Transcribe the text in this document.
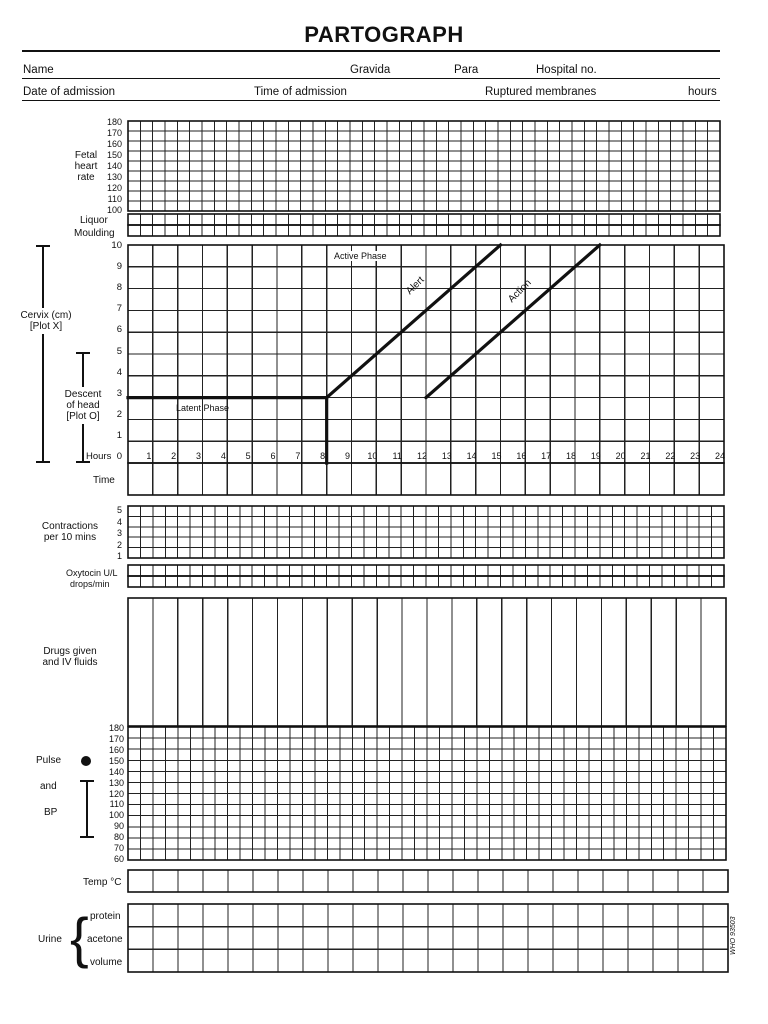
PARTOGRAPH
Name	Gravida	Para	Hospital no.
Date of admission	Time of admission	Ruptured membranes	hours
Fetal
heart
rate
180
170
160
150
140
130
120
110
100
Liquor
Moulding
Cervix (cm)
[Plot X]
Descent
of head
[Plot O]
10
9
8
7
6
5
4
3
2
1
0
Hours	1	2	3	4	5	6	7	8	9	10	11	12	13	14	15	16	17	18	19	20	21	22	23	24
Time
Active Phase
Latent Phase
Alert	Action
Contractions
per 10 mins
5
4
3
2
1
Oxytocin U/L
drops/min
Drugs given
and IV fluids
Pulse
and
BP
180
170
160
150
140
130
120
110
100
90
80
70
60
Temp °C
Urine { protein
acetone
volume
WHO 93503
